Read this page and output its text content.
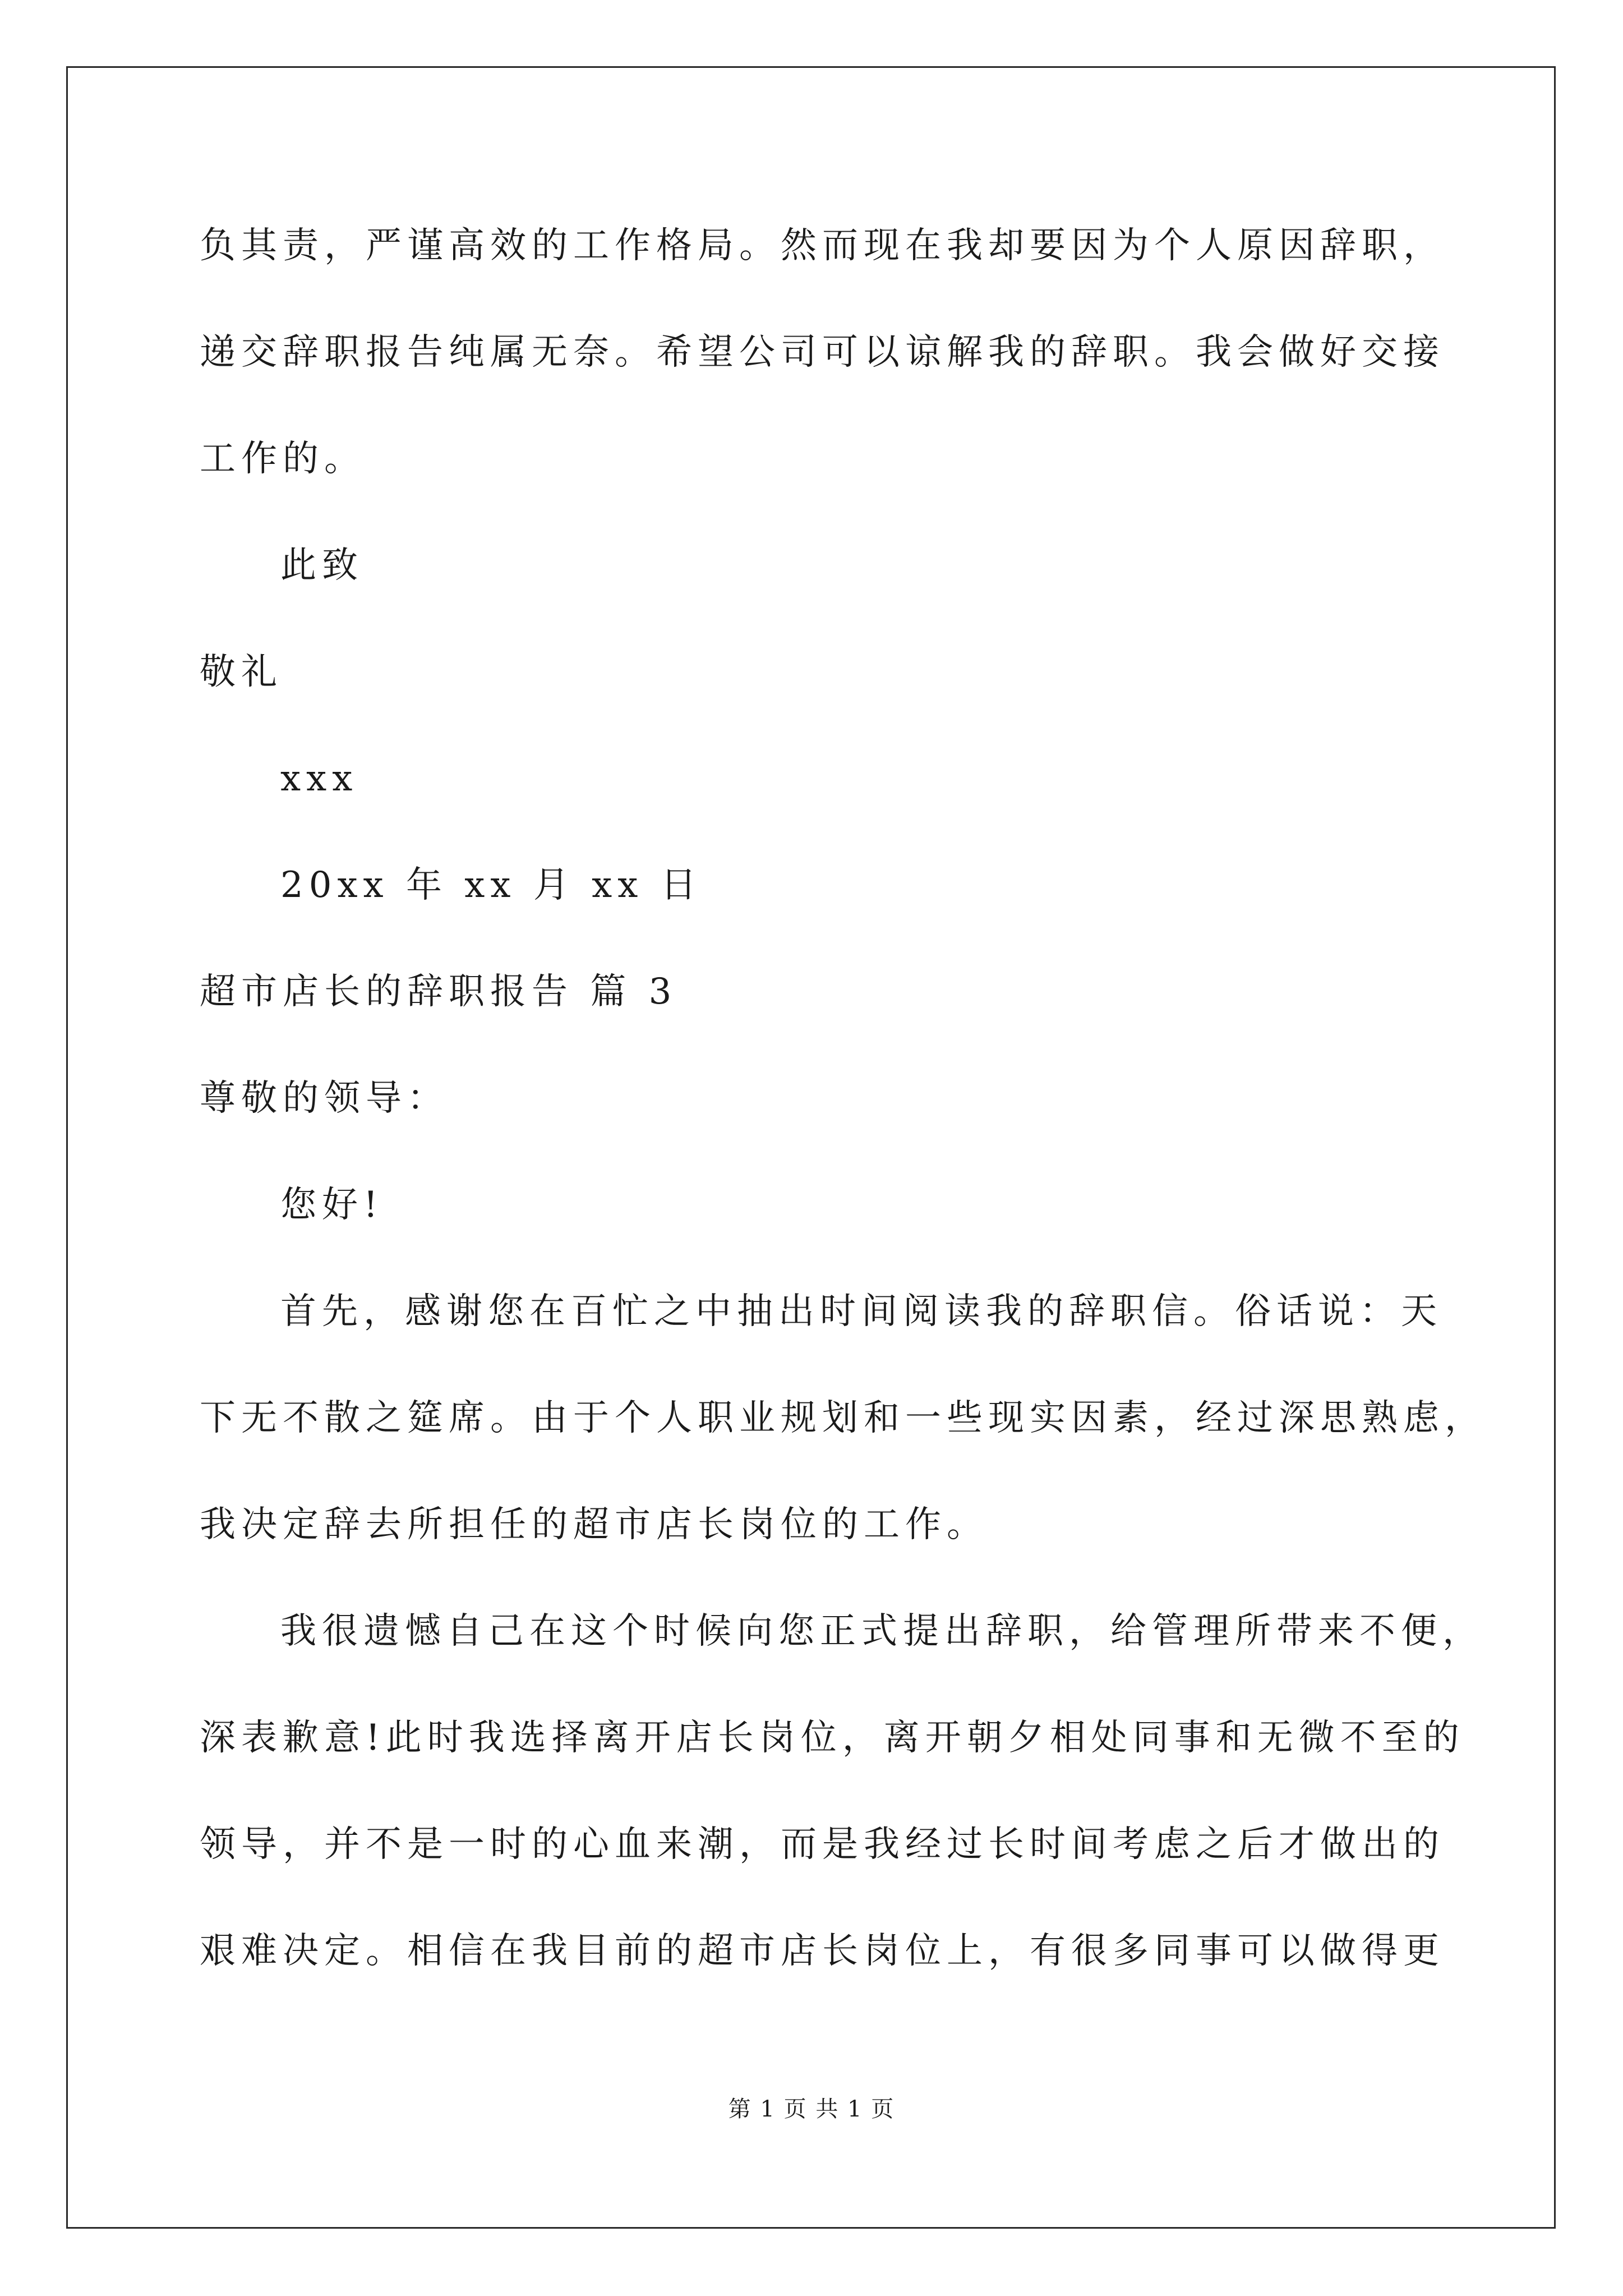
负其责，严谨高效的工作格局。然而现在我却要因为个人原因辞职，
递交辞职报告纯属无奈。希望公司可以谅解我的辞职。我会做好交接
工作的。
此致
敬礼
xxx
20xx 年 xx 月 xx 日
超市店长的辞职报告 篇 3
尊敬的领导：
您好!
首先，感谢您在百忙之中抽出时间阅读我的辞职信。俗话说：天
下无不散之筵席。由于个人职业规划和一些现实因素，经过深思熟虑，
我决定辞去所担任的超市店长岗位的工作。
我很遗憾自己在这个时候向您正式提出辞职，给管理所带来不便，
深表歉意!此时我选择离开店长岗位，离开朝夕相处同事和无微不至的
领导，并不是一时的心血来潮，而是我经过长时间考虑之后才做出的
艰难决定。相信在我目前的超市店长岗位上，有很多同事可以做得更
第 1 页 共 1 页
